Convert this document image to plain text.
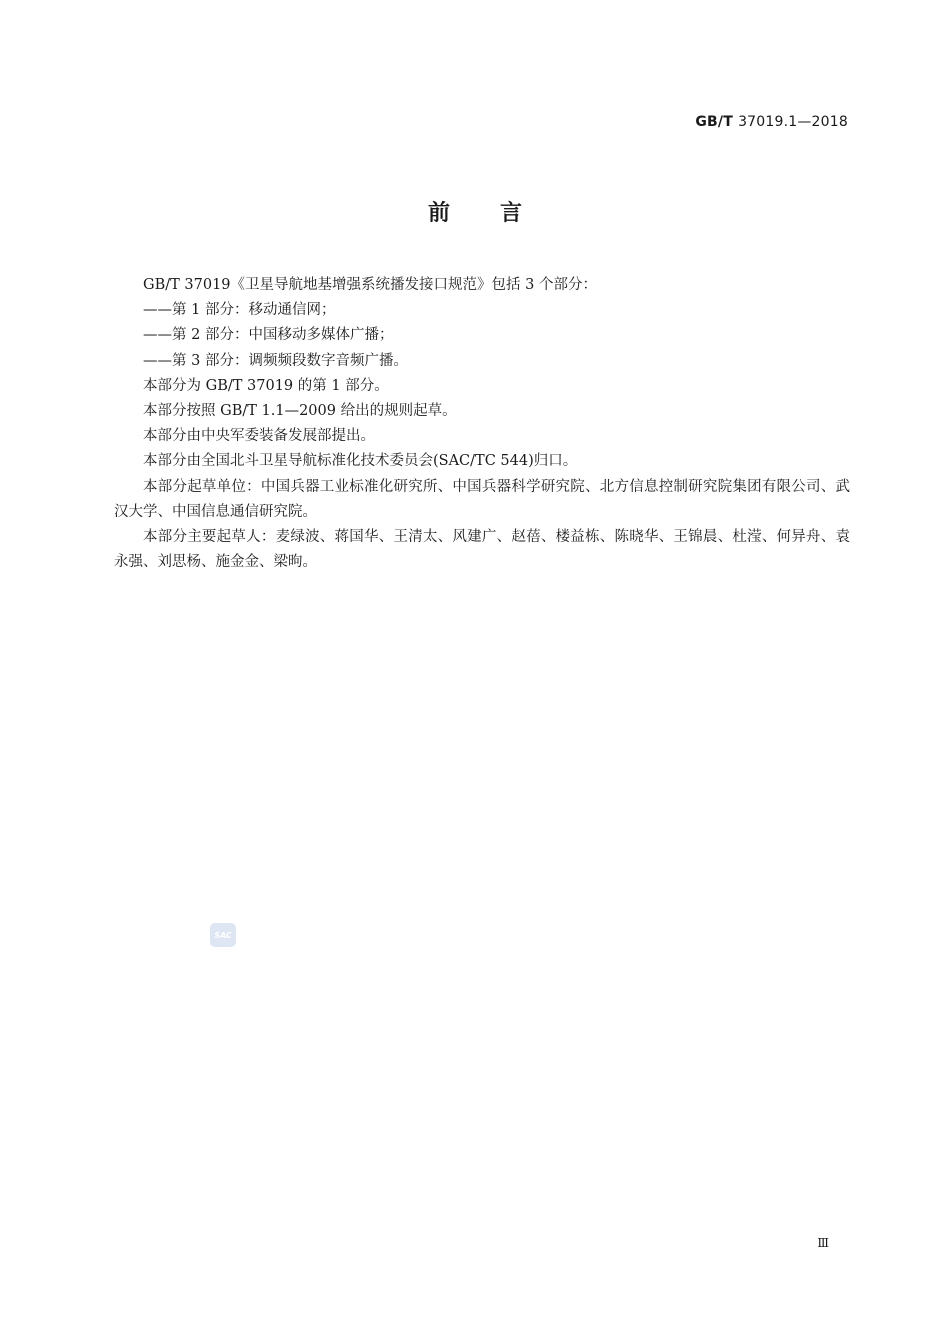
GB/T 37019.1—2018
前言

GB/T 37019《卫星导航地基增强系统播发接口规范》包括 3 个部分：

——第 1 部分：移动通信网；

——第 2 部分：中国移动多媒体广播；

——第 3 部分：调频频段数字音频广播。

本部分为 GB/T 37019 的第 1 部分。

本部分按照 GB/T 1.1—2009 给出的规则起草。

本部分由中央军委装备发展部提出。

本部分由全国北斗卫星导航标准化技术委员会(SAC/TC 544)归口。

本部分起草单位：中国兵器工业标准化研究所、中国兵器科学研究院、北方信息控制研究院集团有限公司、武汉大学、中国信息通信研究院。

本部分主要起草人：麦绿波、蒋国华、王清太、风建广、赵蓓、楼益栋、陈晓华、王锦晨、杜滢、何异舟、袁永强、刘思杨、施金金、梁昫。

SAC
Ⅲ
